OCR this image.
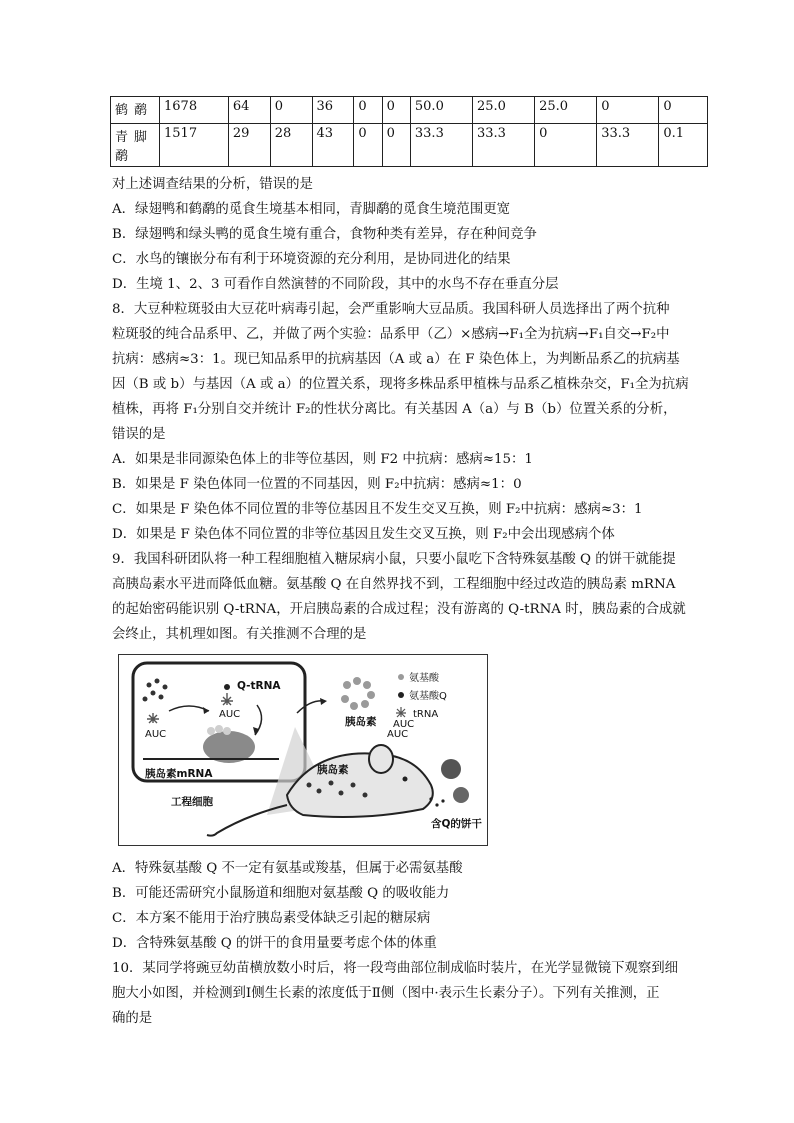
鹤鹬	1678	64	0	36	0	0	50.0	25.0	25.0	0	0
青脚鹬	1517	29	28	43	0	0	33.3	33.3	0	33.3	0.1
对上述调查结果的分析，错误的是
A．绿翅鸭和鹤鹬的觅食生境基本相同，青脚鹬的觅食生境范围更宽
B．绿翅鸭和绿头鸭的觅食生境有重合，食物种类有差异，存在种间竞争
C．水鸟的镶嵌分布有利于环境资源的充分利用，是协同进化的结果
D．生境 1、2、3 可看作自然演替的不同阶段，其中的水鸟不存在垂直分层
8．大豆种粒斑驳由大豆花叶病毒引起，会严重影响大豆品质。我国科研人员选择出了两个抗种
粒斑驳的纯合品系甲、乙，并做了两个实验：品系甲（乙）×感病→F₁全为抗病→F₁自交→F₂中
抗病：感病≈3：1。现已知品系甲的抗病基因（A 或 a）在 F 染色体上，为判断品系乙的抗病基
因（B 或 b）与基因（A 或 a）的位置关系，现将多株品系甲植株与品系乙植株杂交，F₁全为抗病
植株，再将 F₁分别自交并统计 F₂的性状分离比。有关基因 A（a）与 B（b）位置关系的分析，
错误的是
A．如果是非同源染色体上的非等位基因，则 F2 中抗病：感病≈15：1
B．如果是 F 染色体同一位置的不同基因，则 F₂中抗病：感病≈1：0
C．如果是 F 染色体不同位置的非等位基因且不发生交叉互换，则 F₂中抗病：感病≈3：1
D．如果是 F 染色体不同位置的非等位基因且发生交叉互换，则 F₂中会出现感病个体
9．我国科研团队将一种工程细胞植入糖尿病小鼠，只要小鼠吃下含特殊氨基酸 Q 的饼干就能提
高胰岛素水平进而降低血糖。氨基酸 Q 在自然界找不到，工程细胞中经过改造的胰岛素 mRNA
的起始密码能识别 Q-tRNA，开启胰岛素的合成过程；没有游离的 Q-tRNA 时，胰岛素的合成就
会终止，其机理如图。有关推测不合理的是
AUC
Q-tRNA
AUC
胰岛素mRNA
胰岛素
氨基酸
氨基酸Q
AUC
tRNA
胰岛素
含Q的饼干
工程细胞
AUC
A．特殊氨基酸 Q 不一定有氨基或羧基，但属于必需氨基酸
B．可能还需研究小鼠肠道和细胞对氨基酸 Q 的吸收能力
C．本方案不能用于治疗胰岛素受体缺乏引起的糖尿病
D．含特殊氨基酸 Q 的饼干的食用量要考虑个体的体重
10．某同学将豌豆幼苗横放数小时后，将一段弯曲部位制成临时装片，在光学显微镜下观察到细
胞大小如图，并检测到Ⅰ侧生长素的浓度低于Ⅱ侧（图中·表示生长素分子）。下列有关推测，正
确的是
